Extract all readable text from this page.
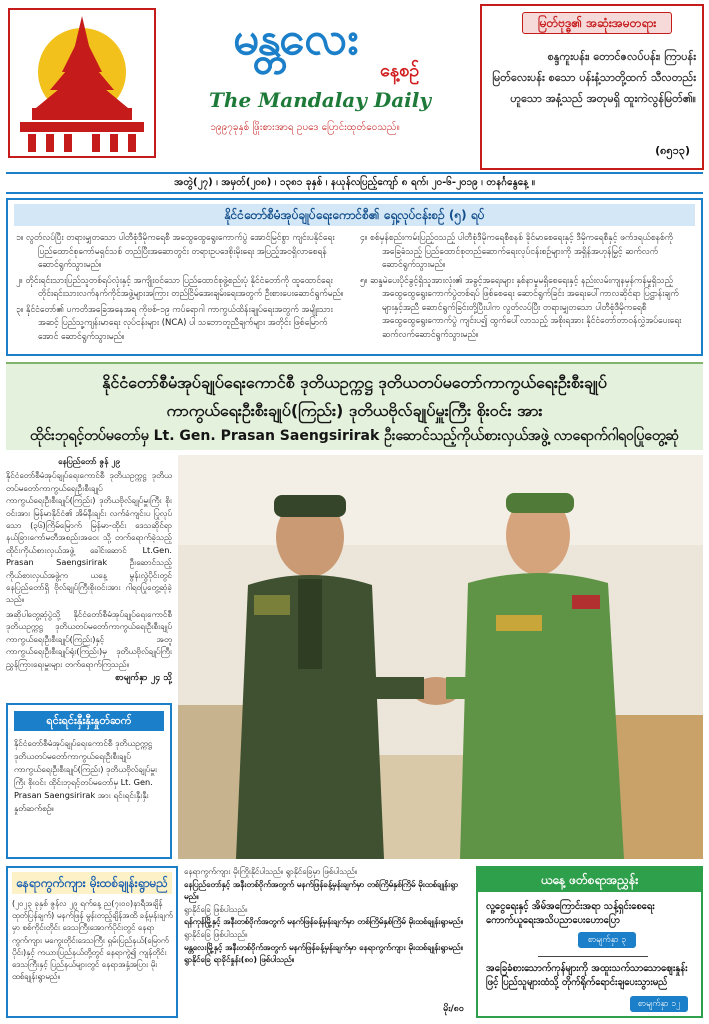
မန္တလေး
နေ့စဉ်
The Mandalay Daily
၁၉၉၇ခုနှစ် ဖြိုးစားအာရ ဥပဒေ ပြောင်းထုတ်ဝေသည်။
မြတ်ဗုဒ္ဓ၏ အဆုံးအမတရား
စန္ဒကူးပန်း၊ တောင်ဇလပ်ပန်း၊ ကြာပန်း မြတ်လေးပန်း စသော ပန်းနံ့သာတို့ထက် သီလတည်းဟူသော အနံ့သည် အတုမရှိ ထူးကဲလွန်မြတ်၏။
(၈၅၁၃)
အတွဲ(၂၇) ၊ အမှတ်(၂၀၈) ၊ ၁၃၈၁ ခုနှစ် ၊ နယုန်လပြည့်ကျော် ၈ ရက်၊ ၂၀-၆-၂၀၁၉ ၊ တနင်္ဂနွေနေ့ ။
နိုင်ငံတော်စီမံအုပ်ချုပ်ရေးကောင်စီ၏ ရှေ့လုပ်ငန်းစဉ် (၅) ရပ်

၁။ လွတ်လပ်ပြီး တရားမျှတသော ပါတီစုံဒီမိုကရေစီ အထွေထွေရွေးကောက်ပွဲ အောင်မြင်စွာ ကျင်းပနိုင်ရေး ပြည်ထောင်စုကော်မရှင်သစ် တည်ပြီးအဆောတွင်း တရားဥပဒေစိုးမိုးရေး အပြည့်အဝရှိလာစေရန် ဆောင်ရွက်သွားမည်။

၂။ တိုင်းရင်းသားပြည်သူတစ်ရပ်လုံးနှင့် အကျိုးဝင်သော ပြည်ထောင်စုဖွဲ့စည်းပုံ နိုင်ငံတော်ကို ထူထောင်ရေး တိုင်းရင်းသားလက်နက်ကိုင်အဖွဲ့များအကြား တည်ငြိမ်အေးချမ်းရေးအတွက် ဦးစားပေးဆောင်ရွက်မည်။

၃။ နိုင်ငံတော်၏ ပကတိအခြေအနေအရ ကိုဗစ်-၁၉ ကပ်ရောဂါ ကာကွယ်ထိန်းချုပ်ရေးအတွက် အမျိုးသားအဆင့် ပြည်သူ့ကျန်းမာရေး လုပ်ငန်းများ (NCA) ပါ သဘောတူညီချက်များ အတိုင်း ဖြစ်မြောက်အောင် ဆောင်ရွက်သွားမည်။

၄။ စစ်မှန်စည်းကမ်းပြည့်ဝသည့် ပါတီစုံဒီမိုကရေစီစနစ် ခိုင်မာစေရေးနှင့် ဒီမိုကရေစီနှင့် ဖက်ဒရယ်စနစ်ကို အခြေခံသည့် ပြည်ထောင်စုတည်ဆောက်ရေးလုပ်ငန်းစဉ်များကို အရှိန်အဟုန်မြှင့် ဆက်လက်ဆောင်ရွက်သွားမည်။

၅။ ဆန္ဒမဲပေးပိုင်ခွင့်ရှိသူအားလုံး၏ အခွင့်အရေးများ နှစ်နာမှုမရှိစေရေးနှင့် နည်းလမ်းကျနမှန်ကန်မှုရှိသည့် အထွေထွေရွေးကောက်ပွဲတစ်ရပ် ဖြစ်စေရေး ဆောင်ရွက်ခြင်း အရေးပေါ်ကာလဆိုင်ရာ ပြဋ္ဌာန်းချက်များနှင့်အညီ ဆောင်ရွက်ခြင်းတို့ပြီးပါက လွတ်လပ်ပြီး တရားမျှတသော ပါတီစုံဒီမိုကရေစီ အထွေထွေရွေးကောက်ပွဲ ကျင်းပ၍ ထွက်ပေါ်လာသည့် အစိုးရအား နိုင်ငံတော်တာဝန်လွှဲအပ်ပေးရေး ဆက်လက်ဆောင်ရွက်သွားမည်။

နိုင်ငံတော်စီမံအုပ်ချုပ်ရေးကောင်စီ ဒုတိယဥက္ကဋ္ဌ ဒုတိယတပ်မတော်ကာကွယ်ရေးဦးစီးချုပ်
ကာကွယ်ရေးဦးစီးချုပ်(ကြည်း) ဒုတိယဗိုလ်ချုပ်မှူးကြီး စိုးဝင်း အား
ထိုင်းဘုရင့်တပ်မတော်မှ Lt. Gen. Prasan Saengsirirak ဦးဆောင်သည့်ကိုယ်စားလှယ်အဖွဲ့ လာရောက်ဂါရဝပြုတွေ့ဆုံ

နေပြည်တော် ဇွန် ၂၉

နိုင်ငံတော်စီမံအုပ်ချုပ်ရေးကောင်စီ ဒုတိယဥက္ကဋ္ဌ ဒုတိယတပ်မတော်ကာကွယ်ရေးဦးစီးချုပ် ကာကွယ်ရေးဦးစီးချုပ်(ကြည်း) ဒုတိယဗိုလ်ချုပ်မှူးကြီး စိုးဝင်းအား မြန်မာနိုင်ငံ၏ အိမ်နီးချင်း လက်ခံကျင်းပ ပြုလုပ်သော (၃၆)ကြိမ်မြောက် မြန်မာ-ထိုင်း ဒေသဆိုင်ရာ နယ်ခြားကော်မတီအစည်းအဝေး သို့ တက်ရောက်ခဲ့သည့် ထိုင်းကိုယ်စားလှယ်အဖွဲ့ ခေါင်းဆောင် Lt.Gen. Prasan Saengsirirak ဦးဆောင်သည့် ကိုယ်စားလှယ်အဖွဲ့က ယနေ့ မွန်းလွဲပိုင်းတွင် နေပြည်တော်ရှိ ဗိုလ်ချုပ်ကြီးစိုးဝင်းအား ဂါရဝပြုတွေ့ဆုံခဲ့သည်။

အဆိုပါတွေ့ဆုံပွဲသို့ နိုင်ငံတော်စီမံအုပ်ချုပ်ရေးကောင်စီ ဒုတိယဥက္ကဋ္ဌ ဒုတိယတပ်မတော်ကာကွယ်ရေးဦးစီးချုပ် ကာကွယ်ရေးဦးစီးချုပ်(ကြည်း)နှင့် အတူ ကာကွယ်ရေးဦးစီးချုပ်ရုံး(ကြည်း)မှ ဒုတိယဗိုလ်ချုပ်ကြီး ညွှန်ကြားရေးမှူးများ တက်ရောက်ကြသည်။

စာမျက်နှာ ၂၄ သို့

ရင်းရင်းနှီးနှီးနှုတ်ဆက်
နိုင်ငံတော်စီမံအုပ်ချုပ်ရေးကောင်စီ ဒုတိယဥက္ကဋ္ဌ ဒုတိယတပ်မတော်ကာကွယ်ရေးဦးစီးချုပ် ကာကွယ်ရေးဦးစီးချုပ်(ကြည်း) ဒုတိယဗိုလ်ချုပ်မှူးကြီး စိုးဝင်း ထိုင်းဘုရင့်တပ်မတော်မှ Lt. Gen. Prasan Saengsirirak အား ရင်းရင်းနှီးနှီးနှုတ်ဆက်စဉ်။
နေရာကွက်ကျား မိုးထစ်ချုန်းရွာမည်
(၂၀၂၃ ခုနှစ် ဇွန်လ ၂၉ ရက်နေ့ ည(၇း၀၀)နာရီအချိန် ထုတ်ပြန်ချက်) မနက်ဖြန် မွန်းတည့်ချိန်အထိ ခန့်မှန်းချက်မှာ စစ်ကိုင်းတိုင်း ဒေသကြီးအောက်ပိုင်းတွင် နေရာကွက်ကျား မကွေးတိုင်းဒေသကြီး ရှမ်းပြည်နယ်(မြောက်ပိုင်း)နှင့် ကယားပြည်နယ်တို့တွင် နေရာကွဲ၍ ကျန်တိုင်းဒေသကြီးနှင့် ပြည်နယ်များတွင် နေရာအနှံ့အပြား မိုးထစ်ချုန်းရွာမည်။

နေရာကွက်ကျား မိုးကြိုးနိုင်ပါသည်။ ရွာနိုင်ခြေမှာ ဖြစ်ပါသည်။

နေပြည်တော်နှင့် အနီးတစ်ဝိုက်အတွက် မနက်ဖြန်ခန့်မှန်းချက်မှာ တစ်ကြိမ်နှစ်ကြိမ် မိုးထစ်ချုန်းရွာမည်။

ရွာနိုင်ခြေ ဖြစ်ပါသည်။

ရန်ကုန်မြို့နှင့် အနီးတစ်ဝိုက်အတွက် မနက်ဖြန်ခန့်မှန်းချက်မှာ တစ်ကြိမ်နှစ်ကြိမ် မိုးထစ်ချုန်းရွာမည်။

ရွာနိုင်ခြေ ဖြစ်ပါသည်။

မန္တလေးမြို့နှင့် အနီးတစ်ဝိုက်အတွက် မနက်ဖြန်ခန့်မှန်းချက်မှာ နေရာကွက်ကျား မိုးထစ်ချုန်းရွာမည်။ ရွာနိုင်ခြေ ရာခိုင်နှုန်း(၈၀) ဖြစ်ပါသည်။

မိုး/၈၀
ယနေ့ ဖတ်စရာအညွှန်း
လူ့ငွေရေးနှင့် အိမ်အကြောင်းအရာ သန့်ရှင်းစေရေး ကောက်ယူရေးအသိပညာပေးဟောပြော
စာမျက်နှာ ၃
အခြေခံစားသောက်ကုန်များကို အထူးသက်သာသောဈေးနှုန်းဖြင့် ပြည်သူများထံသို့ တိုက်ရိုက်ရောင်းချပေးသွားမည်
စာမျက်နှာ ၁၂
